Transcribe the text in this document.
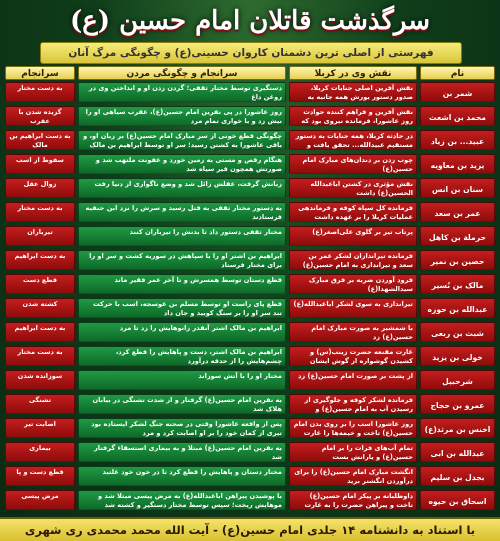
سرگذشت قاتلان امام حسین (ع)
فهرستی از اصلی ترین دشمنان کاروان حسینی(ع) و چگونگی مرگ آنان
نام
نقش وی در کربلا
سرانجام و چگونگی مردن
سرانجام
شمر بن
نقش آفرین اصلی جنایات کربلا، صدور دستور یورش همه جانبه به
دستگیری توسط مختار ثقفی؛ گردن زدن او و انداختن وی در روغن داغ
به دست مختار
محمد بن اشعث
نقش آفرین و فراهم کننده حوادث روز عاشورا، فرمانده نیروی بود که
روز عاشورا در پی نفرین امام حسین(ع)، عقرب سیاهی او را نیش زد و با خواری تمام مرد
گزیده شدن با عقرب
عبید... بن زیاد
در حادثه کربلا، همه جنایات به دستور مستقیم عبیدالله... تحقق یافت و
چگونگی قطع خونی از سر مبارک امام حسین(ع) بر زبان او، و باقی عاشورا به کشتن رسید؛ سر او توسط ابراهیم بن مالک
به دست ابراهیم بن مالک
یزید بن معاویه
چوب زدن بر دندان‌های مبارک امام حسین(ع)
هنگام رقص و مستی به زمین خورد و عفونت ملتهب شد و صورتش همچون قیر سیاه شد
سقوط از اسب
سنان بن انس
نقش مؤثری در کشتن ابا‌عبدالله الحسین(ع) داشت
زبانش گرفت، عقلش زائل شد و وضع ناگواری از دنیا رفت
زوال عقل
عمر بن سعد
فرمانده کل سپاه کوفه و فرماندهی عملیات کربلا را بر عهده داشت
به دستور مختار ثقفی به قتل رسید و سرش را نزد ابن حنفیه فرستادند
به دست مختار
حرملة بن کاهل
پرتاب تیر بر گلوی علی‌اصغر(ع)
مختار ثقفی دستور داد تا بدنش را تیرباران کنند
تیرباران
حصین بن نمیر
فرمانده تیراندازان لشکر عمر بن سعد و تیراندازی به امام حسین(ع)
ابراهیم بن اشتر او را با سپاهش در سوریه کشت و سر او را برای مختار فرستاد
به دست ابراهیم
مالک بن نُسیر
فرود آوردن ضربه بر فرق مبارک سیدالشهدا(ع)
قطع دستان توسط همسرش و تا آخر عمر فقیر ماند
قطع دست
عبدالله بن حوزه
تیراندازی به سوی لشکر ابا‌عبدالله(ع)
قطع پای راست او توسط مسلم بن عوسجه، اسب با حرکت تند سر او را بر سنگ کوبید و جان داد
کشته شدن
شبث بن ربعی
با شمشیر به صورت مبارک امام حسین(ع) زد
ابراهیم بن مالک اشتر آنقدر زانوهایش را زد تا مرد
به دست ابراهیم
خولی بن یزید
غارت مقنعه حضرت زینب(س) و کشیدن گوشواره از گوش ایشان
ابراهیم بن مالک اشتر، دست و پاهایش را قطع کرد، چشم‌هایش را از حدقه درآورد
به دست مختار
شرحبیل
از پشت بر صورت امام حسین(ع) زد
مختار او را با آتش سوزاند
سوزانده شدن
عمرو بن حجاج
فرمانده لشکر کوفه و جلوگیری از رسیدن آب به امام حسین(ع) و
به نفرین امام حسین(ع) گرفتار و از شدت تشنگی در بیابان هلاک شد
تشنگی
اخنس بن مرثد(ع)
روز عاشورا اسب را بر روی بدن امام حسین(ع) تاخت و خیمه‌ها را غارت
پس از واقعه عاشورا وقتی در صحنه جنگ لشکر ایستاده بود تیری از کمان خود را بر او اصابت کرد و مرد
اصابت تیر
عبدالله بن ابی
تمام آب‌های فرات را بر امام حسین(ع) و یارانش بست
به نفرین امام حسین(ع) مبتلا و به بیماری استسقاء گرفتار شد
بیماری
بجدل بن سلیم
انگشت مبارک امام حسین(ع) را برای درآوردن انگشتر برید
مختار دستان و پاهایش را قطع کرد تا در خون خود غلتید
قطع دست و پا
اسحاق بن حیوه
داوطلبانه بر پیکر امام حسین(ع) تاخت و پیراهن حضرت را به غارت
با پوشیدن پیراهن ابا‌عبدالله(ع) به مرض پیسی مبتلا شد و موهایش ریخت؛ سپس توسط مختار دستگیر و کشته شد
مرض پیسی
با استناد به دانشنامه ۱۴ جلدی امام حسین(ع) - آیت الله محمد محمدی ری شهری
